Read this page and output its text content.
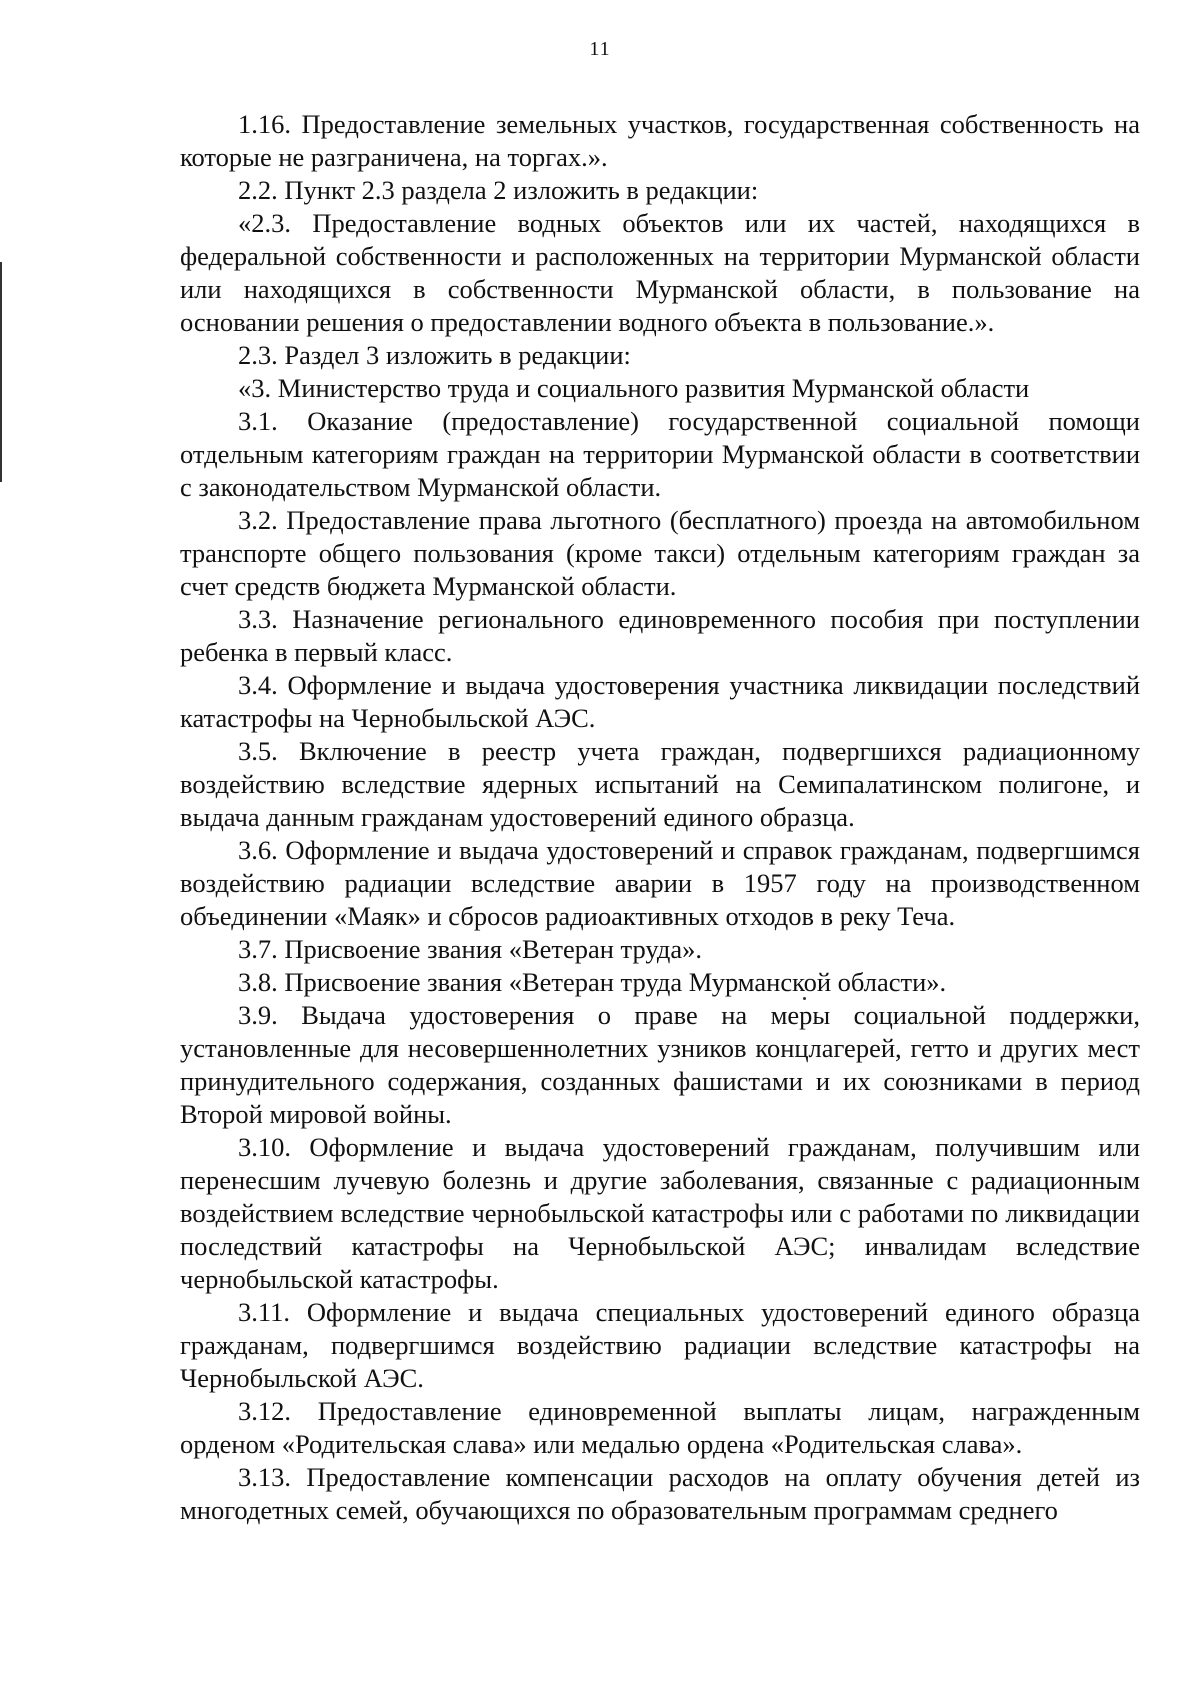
11

1.16. Предоставление земельных участков, государственная собственность на которые не разграничена, на торгах.».

2.2. Пункт 2.3 раздела 2 изложить в редакции:

«2.3. Предоставление водных объектов или их частей, находящихся в федеральной собственности и расположенных на территории Мурманской области или находящихся в собственности Мурманской области, в пользование на основании решения о предоставлении водного объекта в пользование.».

2.3. Раздел 3 изложить в редакции:

«3. Министерство труда и социального развития Мурманской области

3.1. Оказание (предоставление) государственной социальной помощи отдельным категориям граждан на территории Мурманской области в соответствии с законодательством Мурманской области.

3.2. Предоставление права льготного (бесплатного) проезда на автомобильном транспорте общего пользования (кроме такси) отдельным категориям граждан за счет средств бюджета Мурманской области.

3.3. Назначение регионального единовременного пособия при поступлении ребенка в первый класс.

3.4. Оформление и выдача удостоверения участника ликвидации последствий катастрофы на Чернобыльской АЭС.

3.5. Включение в реестр учета граждан, подвергшихся радиационному воздействию вследствие ядерных испытаний на Семипалатинском полигоне, и выдача данным гражданам удостоверений единого образца.

3.6. Оформление и выдача удостоверений и справок гражданам, подвергшимся воздействию радиации вследствие аварии в 1957 году на производственном объединении «Маяк» и сбросов радиоактивных отходов в реку Теча.

3.7. Присвоение звания «Ветеран труда».

3.8. Присвоение звания «Ветеран труда Мурманской области».

3.9. Выдача удостоверения о праве на меры социальной поддержки, установленные для несовершеннолетних узников концлагерей, гетто и других мест принудительного содержания, созданных фашистами и их союзниками в период Второй мировой войны.

3.10. Оформление и выдача удостоверений гражданам, получившим или перенесшим лучевую болезнь и другие заболевания, связанные с радиационным воздействием вследствие чернобыльской катастрофы или с работами по ликвидации последствий катастрофы на Чернобыльской АЭС; инвалидам вследствие чернобыльской катастрофы.

3.11. Оформление и выдача специальных удостоверений единого образца гражданам, подвергшимся воздействию радиации вследствие катастрофы на Чернобыльской АЭС.

3.12. Предоставление единовременной выплаты лицам, награжденным орденом «Родительская слава» или медалью ордена «Родительская слава».

3.13. Предоставление компенсации расходов на оплату обучения детей из многодетных семей, обучающихся по образовательным программам среднего
